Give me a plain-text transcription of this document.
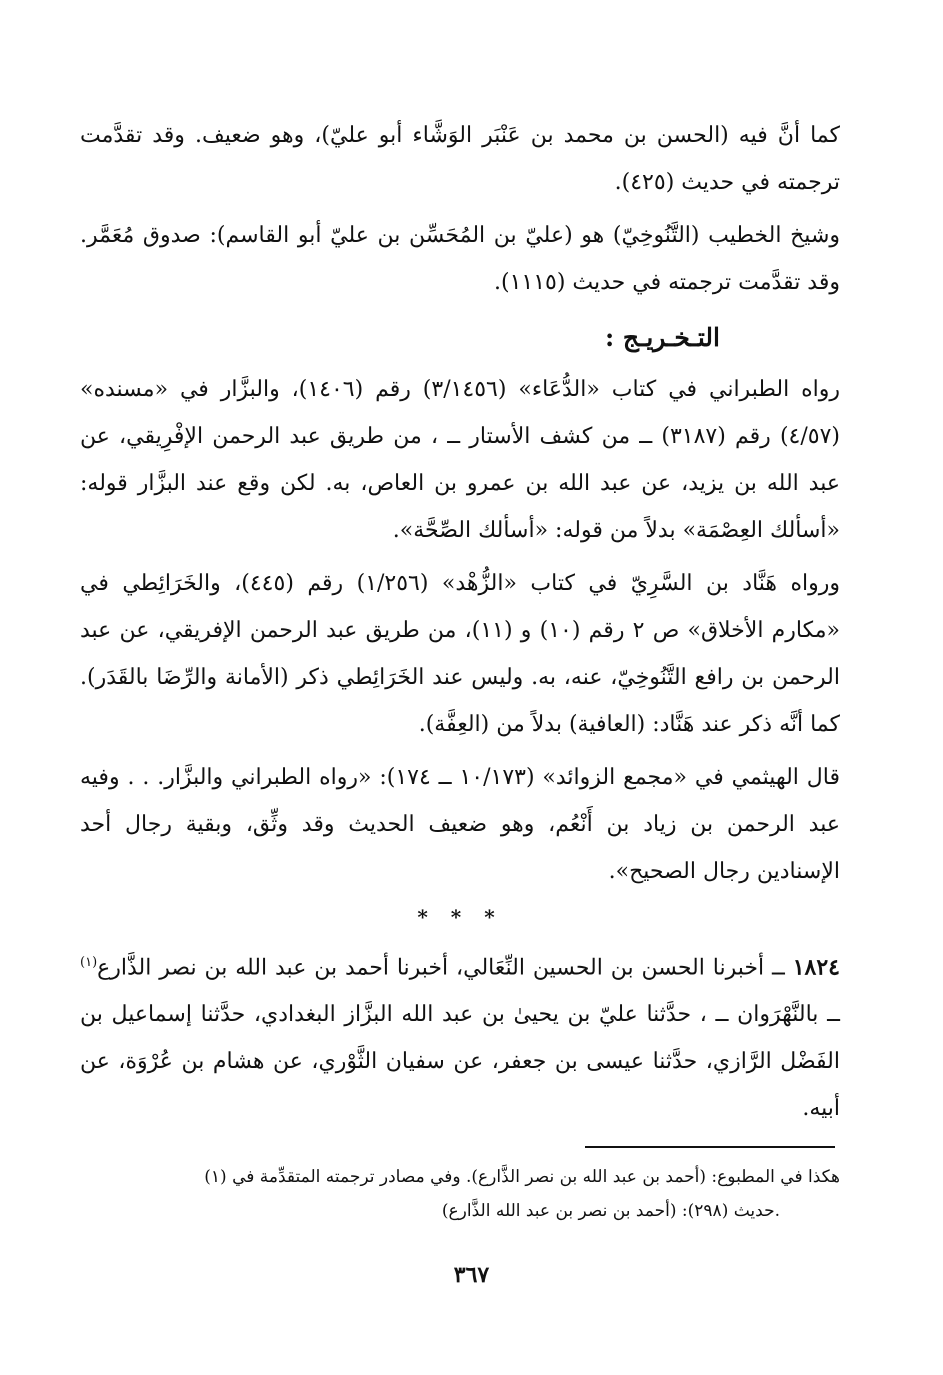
كما أنَّ فيه (الحسن بن محمد بن عَنْبَر الوَشَّاء أبو عليّ)، وهو ضعيف. وقد تقدَّمت ترجمته في حديث (٤٢٥).

وشيخ الخطيب (التَّنُوخِيّ) هو (عليّ بن المُحَسِّن بن عليّ أبو القاسم): صدوق مُعَمَّر. وقد تقدَّمت ترجمته في حديث (١١١٥).

التـخـريـج :

رواه الطبراني في كتاب «الدُّعَاء» (٣/١٤٥٦) رقم (١٤٠٦)، والبزَّار في «مسنده» (٤/٥٧) رقم (٣١٨٧) ــ من كشف الأستار ــ ، من طريق عبد الرحمن الإفْرِيقي، عن عبد الله بن يزيد، عن عبد الله بن عمرو بن العاص، به. لكن وقع عند البزَّار قوله: «أسألك العِصْمَة» بدلاً من قوله: «أسألك الصِّحَّة».

ورواه هَنَّاد بن السَّرِيّ في كتاب «الزُّهْد» (١/٢٥٦) رقم (٤٤٥)، والخَرَائِطي في «مكارم الأخلاق» ص ٢ رقم (١٠) و (١١)، من طريق عبد الرحمن الإفريقي، عن عبد الرحمن بن رافع التَّنُوخِيّ، عنه، به. وليس عند الخَرَائِطي ذكر (الأمانة والرِّضَا بالقَدَر). كما أنَّه ذكر عند هَنَّاد: (العافية) بدلاً من (العِفَّة).

قال الهيثمي في «مجمع الزوائد» (١٠/١٧٣ ــ ١٧٤): «رواه الطبراني والبزَّار. . . وفيه عبد الرحمن بن زياد بن أَنْعُم، وهو ضعيف الحديث وقد وثِّق، وبقية رجال أحد الإسنادين رجال الصحيح».

* * *

١٨٢٤ ــ أخبرنا الحسن بن الحسين النِّعَالي، أخبرنا أحمد بن عبد الله بن نصر الذَّارع$^{(١)}$ ــ بالنَّهْرَوان ــ ، حدَّثنا عليّ بن يحيىٰ بن عبد الله البزَّاز البغدادي، حدَّثنا إسماعيل بن الفَضْل الرَّازي، حدَّثنا عيسى بن جعفر، عن سفيان الثَّوْري، عن هشام بن عُرْوَة، عن أبيه.

(١) هكذا في المطبوع: (أحمد بن عبد الله بن نصر الذَّارع). وفي مصادر ترجمته المتقدِّمة في
حديث (٢٩٨): (أحمد بن نصر بن عبد الله الذَّارع).
٣٦٧
